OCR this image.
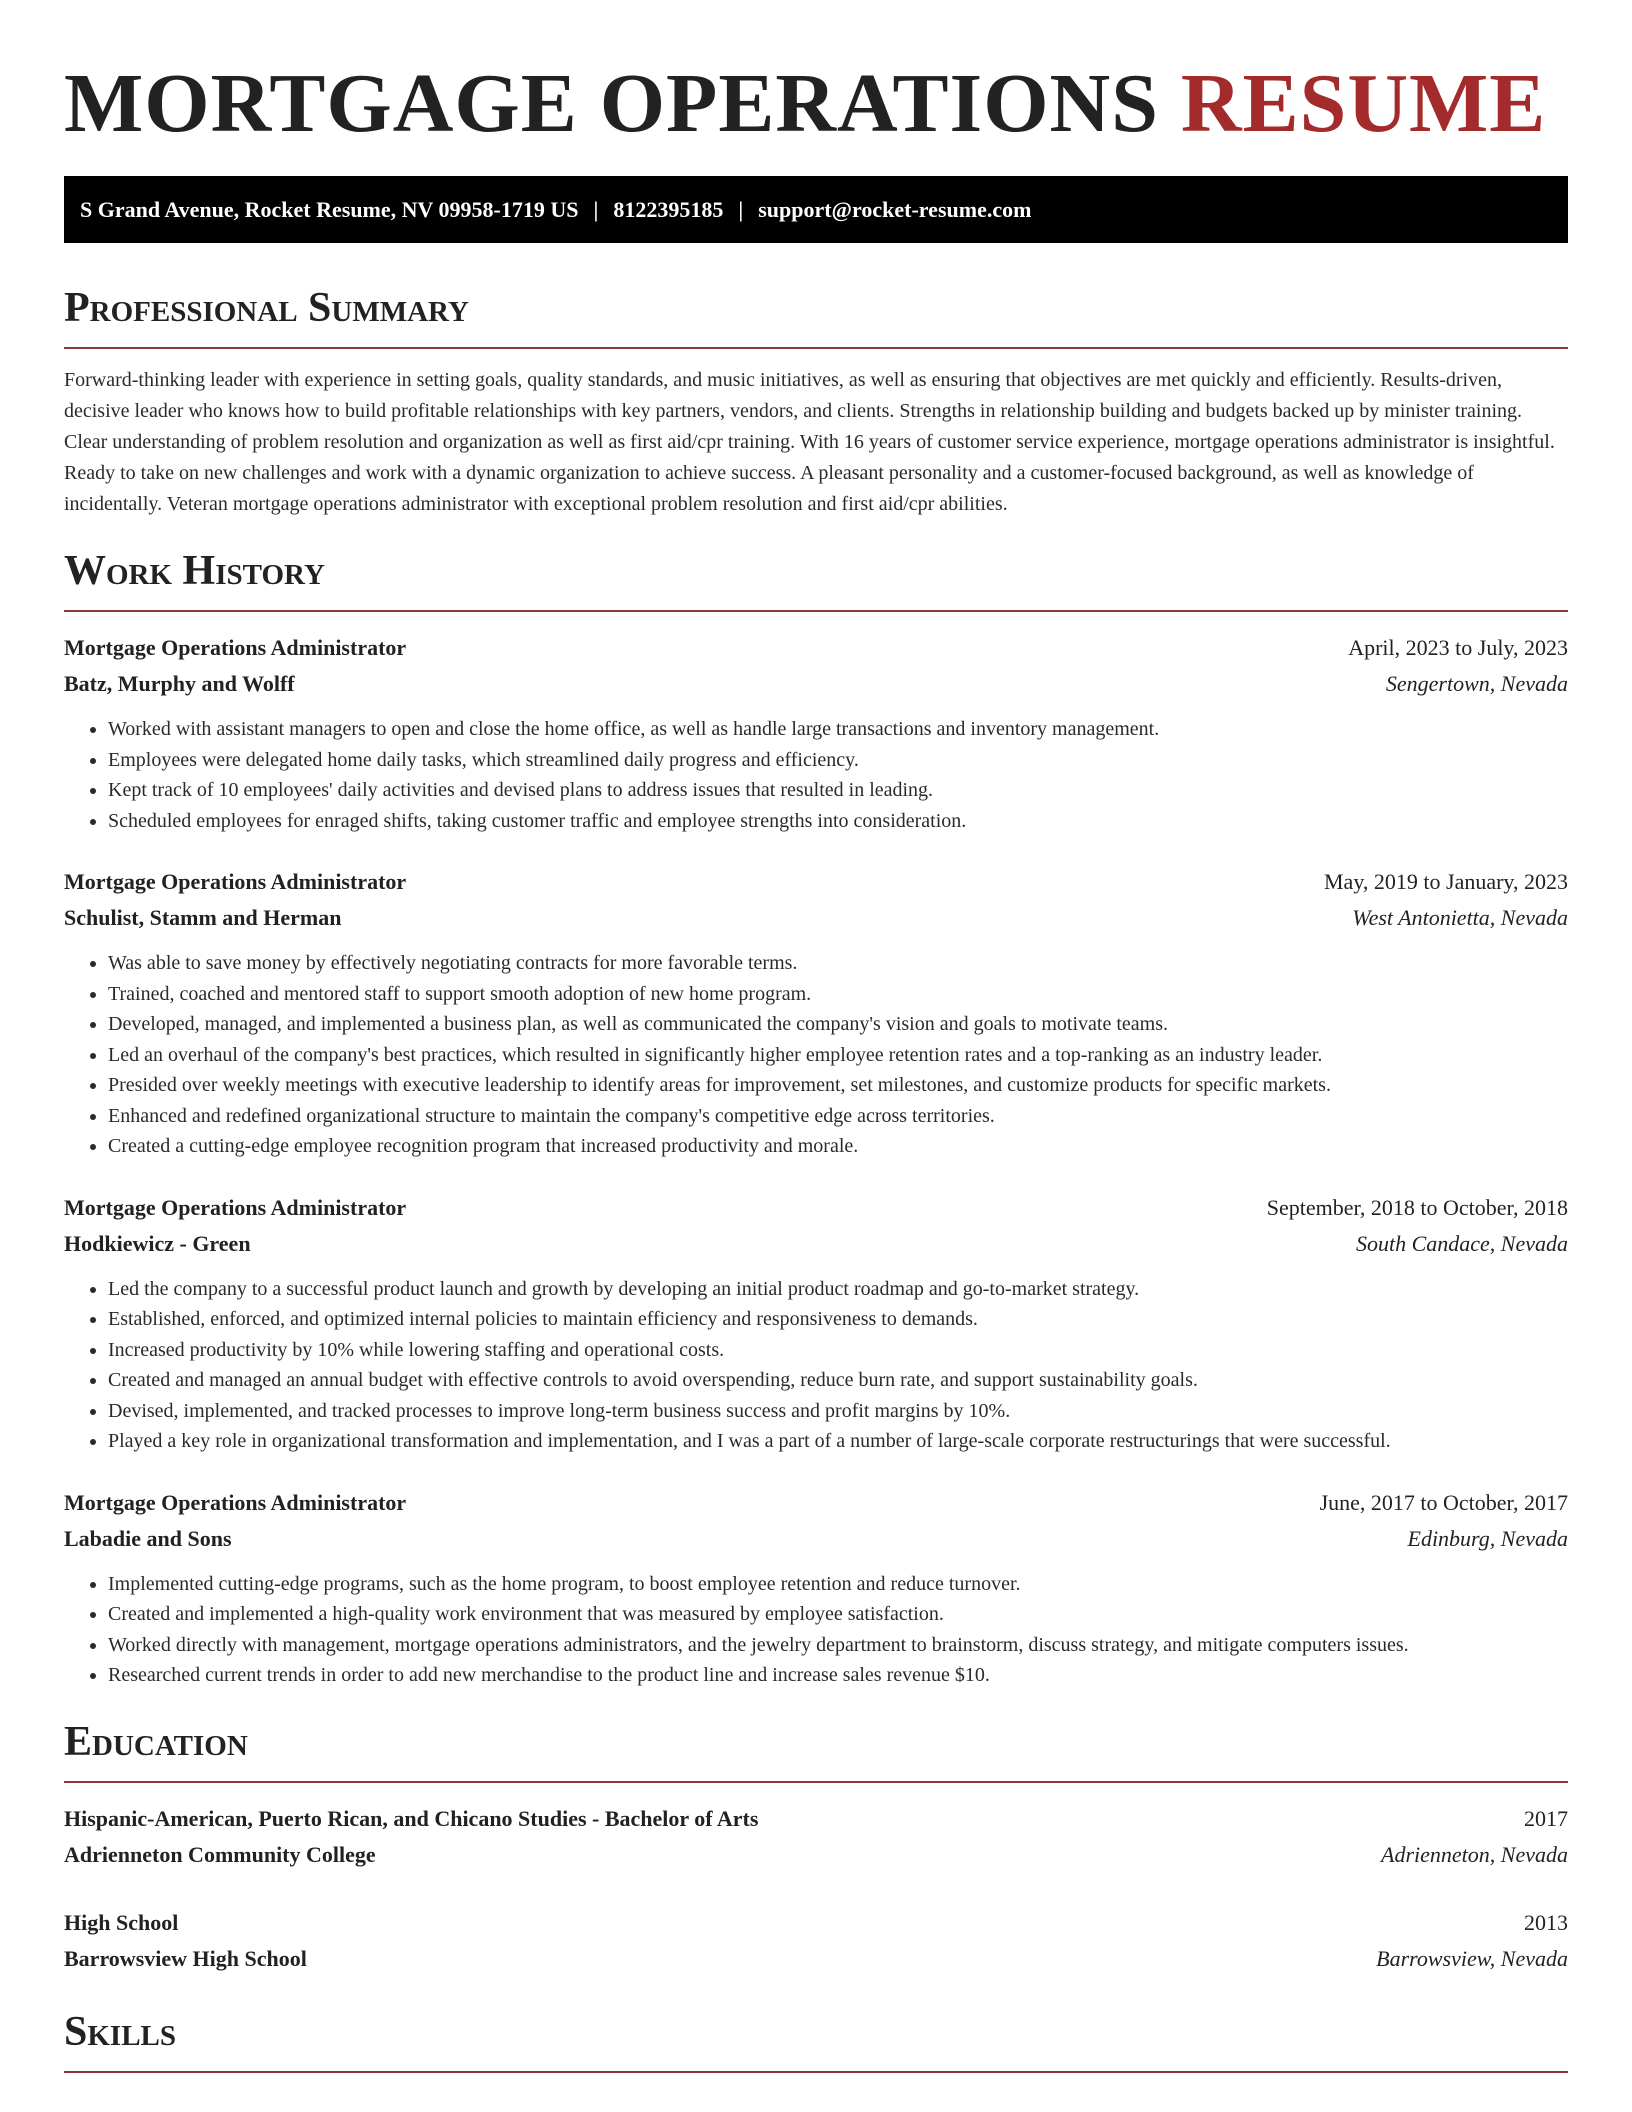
MORTGAGE OPERATIONS RESUME
S Grand Avenue, Rocket Resume, NV 09958-1719 US | 8122395185 | support@rocket-resume.com
Professional Summary

Forward-thinking leader with experience in setting goals, quality standards, and music initiatives, as well as ensuring that objectives are met quickly and efficiently. Results-driven, decisive leader who knows how to build profitable relationships with key partners, vendors, and clients. Strengths in relationship building and budgets backed up by minister training. Clear understanding of problem resolution and organization as well as first aid/cpr training. With 16 years of customer service experience, mortgage operations administrator is insightful. Ready to take on new challenges and work with a dynamic organization to achieve success. A pleasant personality and a customer-focused background, as well as knowledge of incidentally. Veteran mortgage operations administrator with exceptional problem resolution and first aid/cpr abilities.

Work History
Mortgage Operations Administrator	April, 2023 to July, 2023
Batz, Murphy and Wolff	Sengertown, Nevada
• Worked with assistant managers to open and close the home office, as well as handle large transactions and inventory management.
• Employees were delegated home daily tasks, which streamlined daily progress and efficiency.
• Kept track of 10 employees' daily activities and devised plans to address issues that resulted in leading.
• Scheduled employees for enraged shifts, taking customer traffic and employee strengths into consideration.
Mortgage Operations Administrator	May, 2019 to January, 2023
Schulist, Stamm and Herman	West Antonietta, Nevada
• Was able to save money by effectively negotiating contracts for more favorable terms.
• Trained, coached and mentored staff to support smooth adoption of new home program.
• Developed, managed, and implemented a business plan, as well as communicated the company's vision and goals to motivate teams.
• Led an overhaul of the company's best practices, which resulted in significantly higher employee retention rates and a top-ranking as an industry leader.
• Presided over weekly meetings with executive leadership to identify areas for improvement, set milestones, and customize products for specific markets.
• Enhanced and redefined organizational structure to maintain the company's competitive edge across territories.
• Created a cutting-edge employee recognition program that increased productivity and morale.
Mortgage Operations Administrator	September, 2018 to October, 2018
Hodkiewicz - Green	South Candace, Nevada
• Led the company to a successful product launch and growth by developing an initial product roadmap and go-to-market strategy.
• Established, enforced, and optimized internal policies to maintain efficiency and responsiveness to demands.
• Increased productivity by 10% while lowering staffing and operational costs.
• Created and managed an annual budget with effective controls to avoid overspending, reduce burn rate, and support sustainability goals.
• Devised, implemented, and tracked processes to improve long-term business success and profit margins by 10%.
• Played a key role in organizational transformation and implementation, and I was a part of a number of large-scale corporate restructurings that were successful.
Mortgage Operations Administrator	June, 2017 to October, 2017
Labadie and Sons	Edinburg, Nevada
• Implemented cutting-edge programs, such as the home program, to boost employee retention and reduce turnover.
• Created and implemented a high-quality work environment that was measured by employee satisfaction.
• Worked directly with management, mortgage operations administrators, and the jewelry department to brainstorm, discuss strategy, and mitigate computers issues.
• Researched current trends in order to add new merchandise to the product line and increase sales revenue $10.
Education
Hispanic-American, Puerto Rican, and Chicano Studies - Bachelor of Arts	2017
Adrienneton Community College	Adrienneton, Nevada
High School	2013
Barrowsview High School	Barrowsview, Nevada
Skills
